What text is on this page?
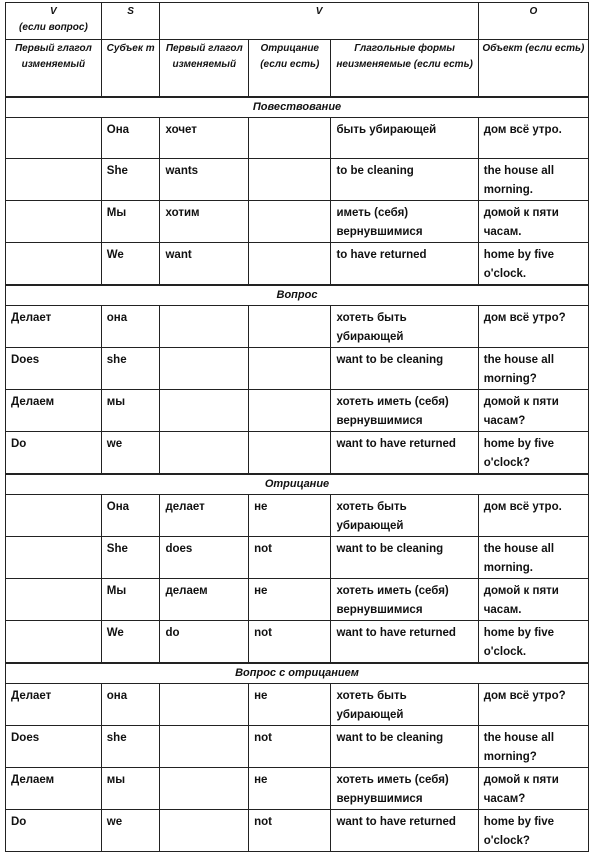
V
(если вопрос)	S	V			O
Первый глагол изменяемый	Субъек т	Первый глагол изменяемый	Отрицание (если есть)	Глагольные формы неизменяемые (если есть)	Объект (если есть)
Повествование					
	Она	хочет		быть убирающей	дом всё утро.
	She	wants		to be cleaning	the house all morning.
	Мы	хотим		иметь (себя) вернувшимися	домой к пяти часам.
	We	want		to have returned	home by five o'clock.
Вопрос					
Делает	она			хотеть быть убирающей	дом всё утро?
Does	she			want to be cleaning	the house all morning?
Делаем	мы			хотеть иметь (себя) вернувшимися	домой к пяти часам?
Do	we			want to have returned	home by five o'clock?
Отрицание					
	Она	делает	не	хотеть быть убирающей	дом всё утро.
	She	does	not	want to be cleaning	the house all morning.
	Мы	делаем	не	хотеть иметь (себя) вернувшимися	домой к пяти часам.
	We	do	not	want to have returned	home by five o'clock.
Вопрос с отрицанием					
Делает	она		не	хотеть быть убирающей	дом всё утро?
Does	she		not	want to be cleaning	the house all morning?
Делаем	мы		не	хотеть иметь (себя) вернувшимися	домой к пяти часам?
Do	we		not	want to have returned	home by five o'clock?
